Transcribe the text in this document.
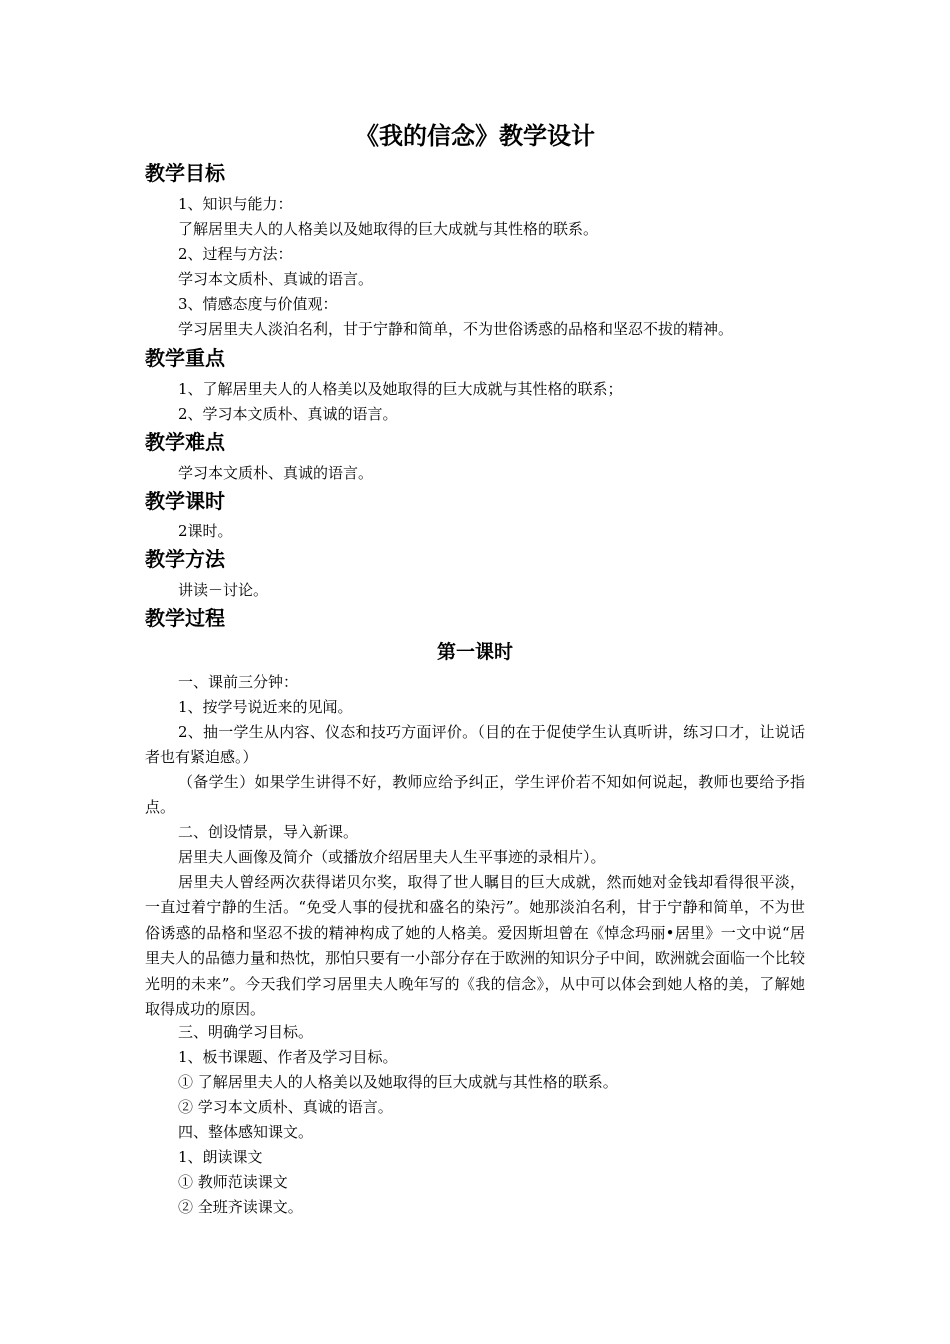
《我的信念》教学设计
教学目标
1、知识与能力：
了解居里夫人的人格美以及她取得的巨大成就与其性格的联系。
2、过程与方法：
学习本文质朴、真诚的语言。
3、情感态度与价值观：
学习居里夫人淡泊名利，甘于宁静和简单，不为世俗诱惑的品格和坚忍不拔的精神。
教学重点
1、了解居里夫人的人格美以及她取得的巨大成就与其性格的联系；
2、学习本文质朴、真诚的语言。
教学难点
学习本文质朴、真诚的语言。
教学课时
2课时。
教学方法
讲读－讨论。
教学过程
第一课时
一、课前三分钟：
1、按学号说近来的见闻。
2、抽一学生从内容、仪态和技巧方面评价。（目的在于促使学生认真听讲，练习口才，让说话者也有紧迫感。）
（备学生）如果学生讲得不好，教师应给予纠正，学生评价若不知如何说起，教师也要给予指点。
二、创设情景，导入新课。
居里夫人画像及简介（或播放介绍居里夫人生平事迹的录相片）。
居里夫人曾经两次获得诺贝尔奖，取得了世人瞩目的巨大成就，然而她对金钱却看得很平淡，一直过着宁静的生活。“免受人事的侵扰和盛名的染污”。她那淡泊名利，甘于宁静和简单，不为世俗诱惑的品格和坚忍不拔的精神构成了她的人格美。爱因斯坦曾在《悼念玛丽•居里》一文中说“居里夫人的品德力量和热忱，那怕只要有一小部分存在于欧洲的知识分子中间，欧洲就会面临一个比较光明的未来”。今天我们学习居里夫人晚年写的《我的信念》，从中可以体会到她人格的美，了解她取得成功的原因。
三、明确学习目标。
1、板书课题、作者及学习目标。
① 了解居里夫人的人格美以及她取得的巨大成就与其性格的联系。
② 学习本文质朴、真诚的语言。
四、整体感知课文。
1、朗读课文
① 教师范读课文
② 全班齐读课文。
